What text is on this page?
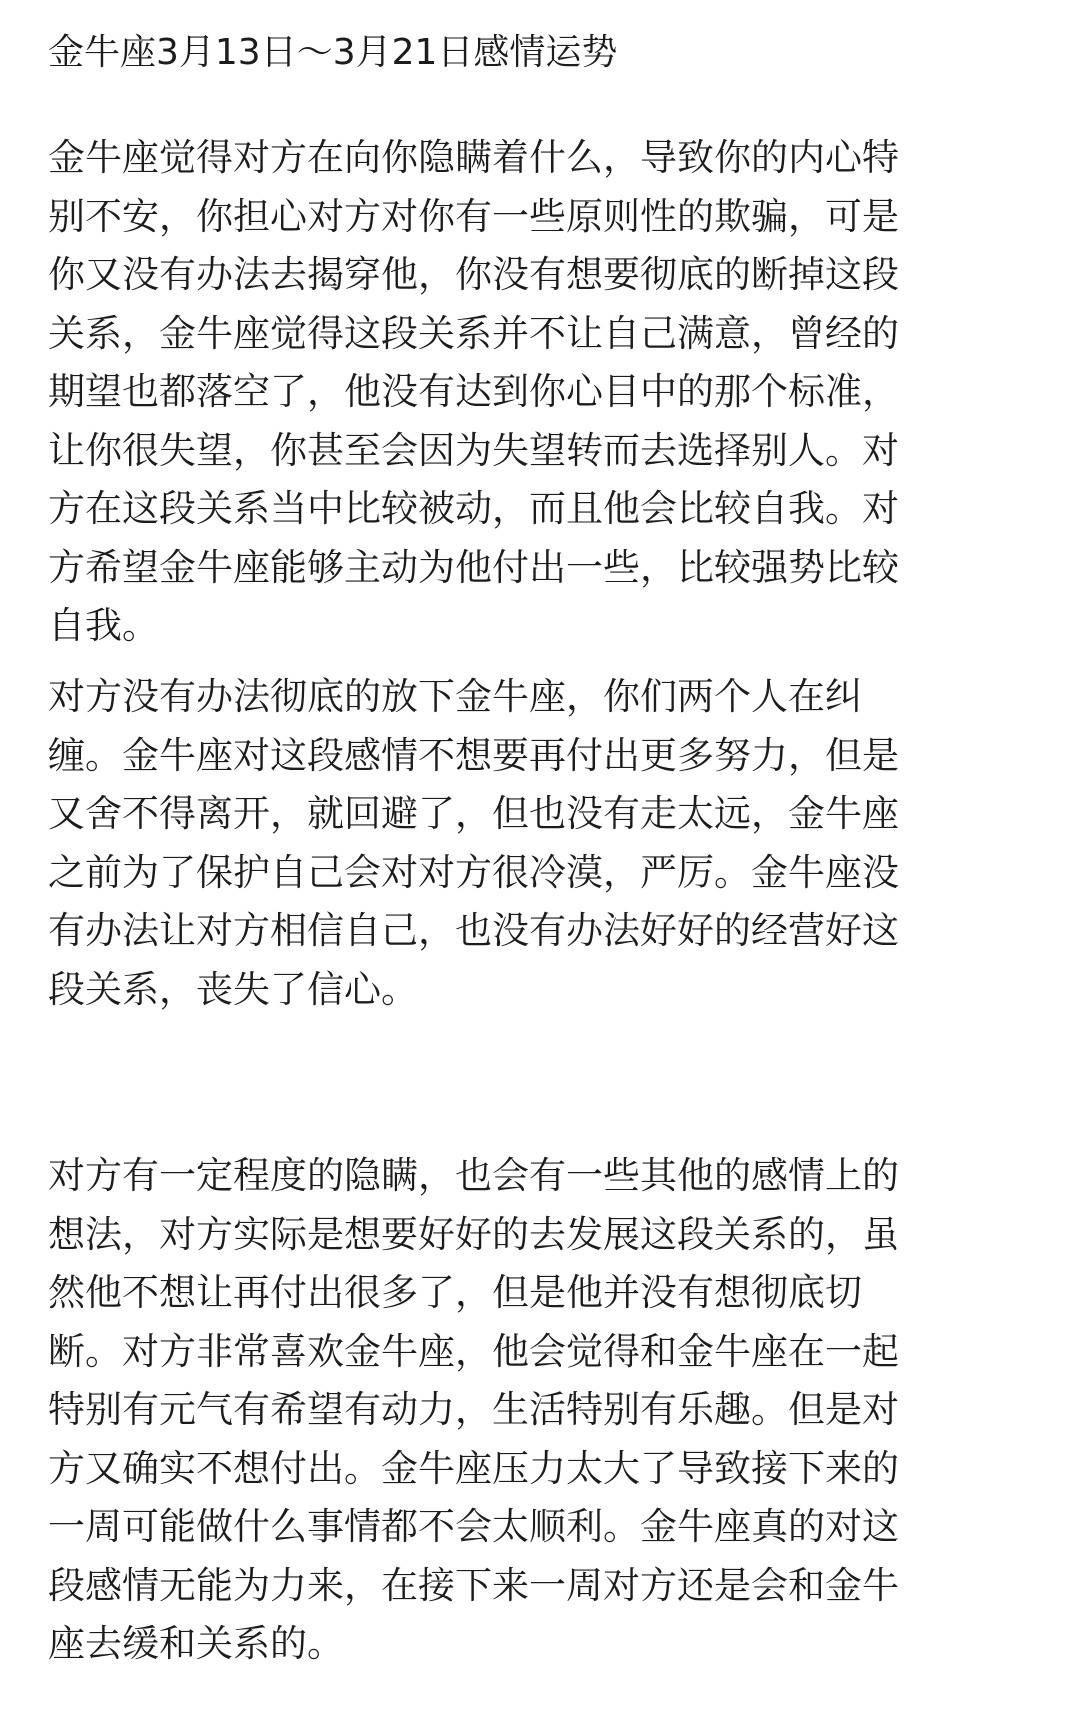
金牛座3月13日～3月21日感情运势
金牛座觉得对方在向你隐瞒着什么，导致你的内心特
别不安，你担心对方对你有一些原则性的欺骗，可是
你又没有办法去揭穿他，你没有想要彻底的断掉这段
关系，金牛座觉得这段关系并不让自己满意，曾经的
期望也都落空了，他没有达到你心目中的那个标准，
让你很失望，你甚至会因为失望转而去选择别人。对
方在这段关系当中比较被动，而且他会比较自我。对
方希望金牛座能够主动为他付出一些，比较强势比较
自我。
对方没有办法彻底的放下金牛座，你们两个人在纠
缠。金牛座对这段感情不想要再付出更多努力，但是
又舍不得离开，就回避了，但也没有走太远，金牛座
之前为了保护自己会对对方很冷漠，严厉。金牛座没
有办法让对方相信自己，也没有办法好好的经营好这
段关系，丧失了信心。
对方有一定程度的隐瞒，也会有一些其他的感情上的
想法，对方实际是想要好好的去发展这段关系的，虽
然他不想让再付出很多了，但是他并没有想彻底切
断。对方非常喜欢金牛座，他会觉得和金牛座在一起
特别有元气有希望有动力，生活特别有乐趣。但是对
方又确实不想付出。金牛座压力太大了导致接下来的
一周可能做什么事情都不会太顺利。金牛座真的对这
段感情无能为力来，在接下来一周对方还是会和金牛
座去缓和关系的。
